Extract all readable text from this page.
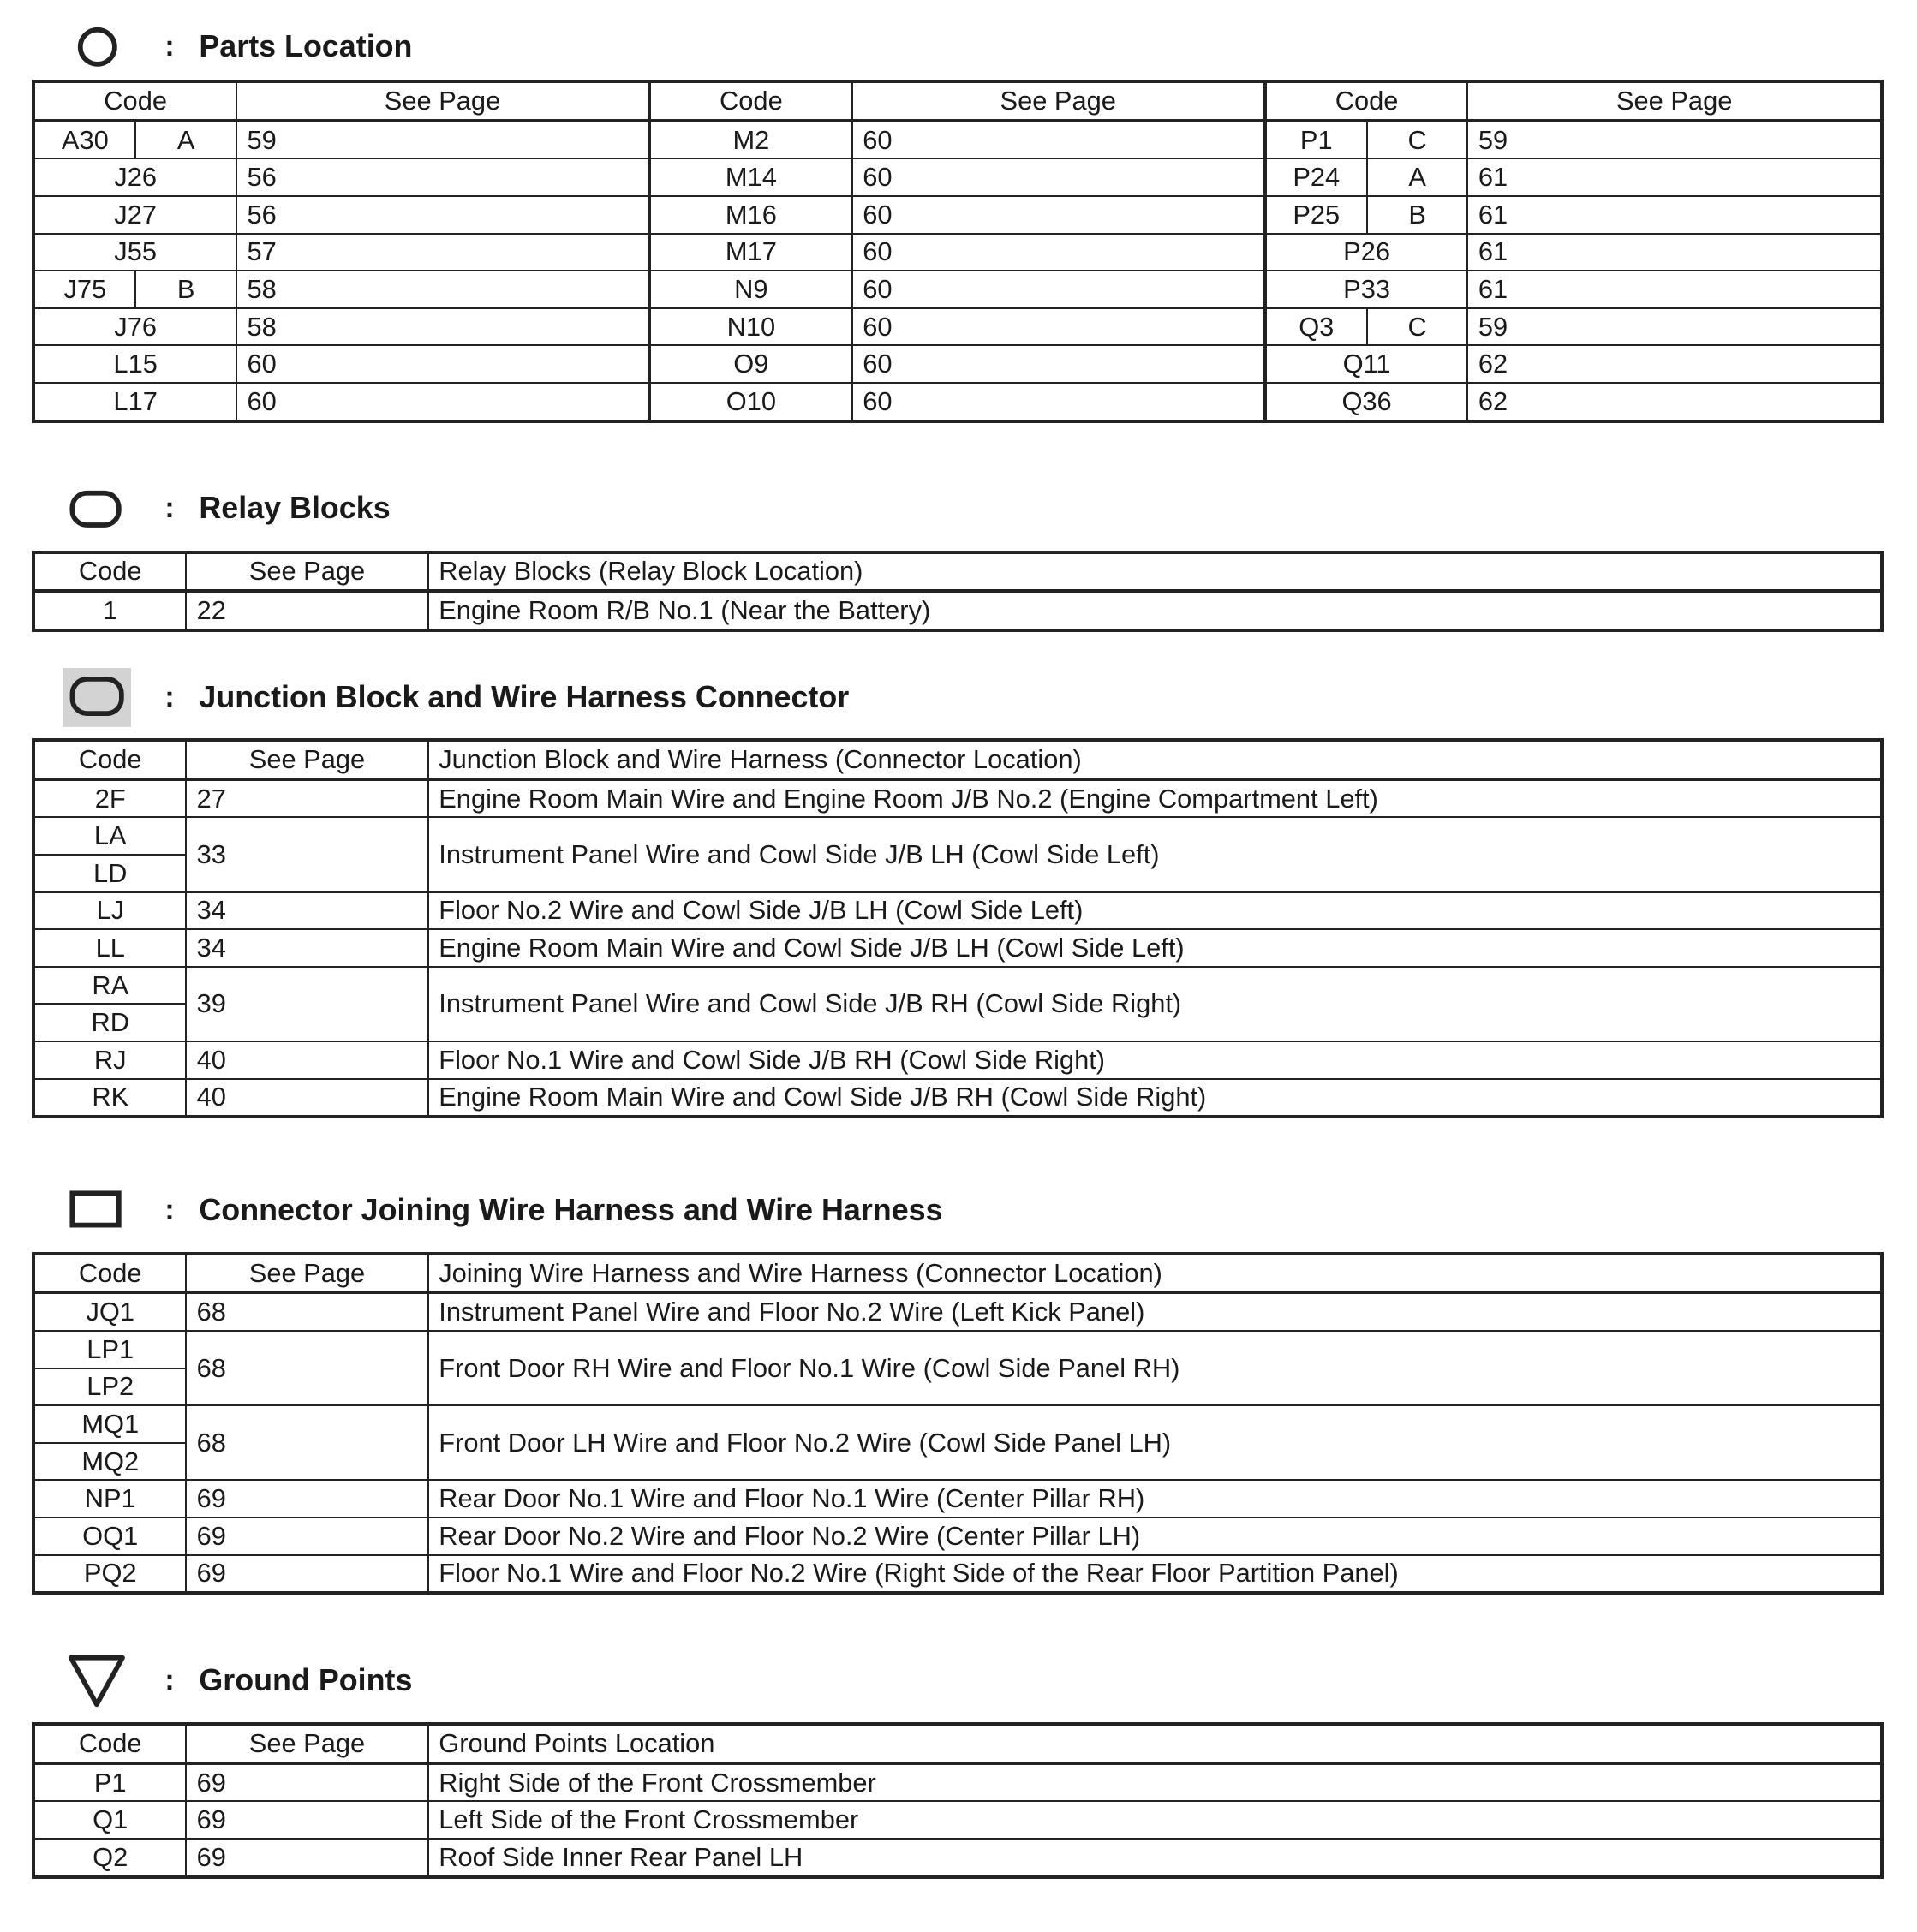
: Parts Location
Code		See Page	Code	See Page	Code		See Page
A30	A	59	M2	60	P1	C	59
J26		56	M14	60	P24	A	61
J27		56	M16	60	P25	B	61
J55		57	M17	60	P26		61
J75	B	58	N9	60	P33		61
J76		58	N10	60	Q3	C	59
L15		60	O9	60	Q11		62
L17		60	O10	60	Q36		62
: Relay Blocks
Code	See Page	Relay Blocks (Relay Block Location)
1	22	Engine Room R/B No.1 (Near the Battery)
: Junction Block and Wire Harness Connector
Code	See Page	Junction Block and Wire Harness (Connector Location)
2F	27	Engine Room Main Wire and Engine Room J/B No.2 (Engine Compartment Left)
LA	33	Instrument Panel Wire and Cowl Side J/B LH (Cowl Side Left)
LD		
LJ	34	Floor No.2 Wire and Cowl Side J/B LH (Cowl Side Left)
LL	34	Engine Room Main Wire and Cowl Side J/B LH (Cowl Side Left)
RA	39	Instrument Panel Wire and Cowl Side J/B RH (Cowl Side Right)
RD		
RJ	40	Floor No.1 Wire and Cowl Side J/B RH (Cowl Side Right)
RK	40	Engine Room Main Wire and Cowl Side J/B RH (Cowl Side Right)
: Connector Joining Wire Harness and Wire Harness
Code	See Page	Joining Wire Harness and Wire Harness (Connector Location)
JQ1	68	Instrument Panel Wire and Floor No.2 Wire (Left Kick Panel)
LP1	68	Front Door RH Wire and Floor No.1 Wire (Cowl Side Panel RH)
LP2		
MQ1	68	Front Door LH Wire and Floor No.2 Wire (Cowl Side Panel LH)
MQ2		
NP1	69	Rear Door No.1 Wire and Floor No.1 Wire (Center Pillar RH)
OQ1	69	Rear Door No.2 Wire and Floor No.2 Wire (Center Pillar LH)
PQ2	69	Floor No.1 Wire and Floor No.2 Wire (Right Side of the Rear Floor Partition Panel)
: Ground Points
Code	See Page	Ground Points Location
P1	69	Right Side of the Front Crossmember
Q1	69	Left Side of the Front Crossmember
Q2	69	Roof Side Inner Rear Panel LH
